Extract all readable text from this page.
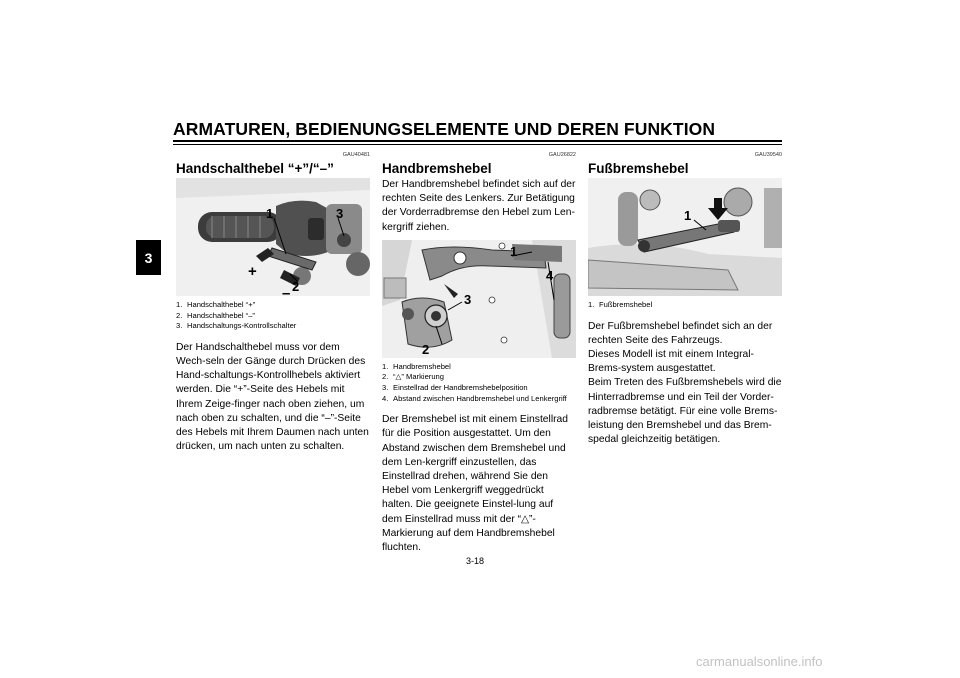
ARMATUREN, BEDIENUNGSELEMENTE UND DEREN FUNKTION
3
GAU40481
Handschalthebel “+”/“–”
1	3
+
– 2
1. Handschalthebel “+”
2. Handschalthebel “–”
3. Handschaltungs-Kontrollschalter

Der Handschalthebel muss vor dem Wech-seln der Gänge durch Drücken des Hand-schaltungs-Kontrollhebels aktiviert werden. Die “+”-Seite des Hebels mit Ihrem Zeige-finger nach oben ziehen, um nach oben zu schalten, und die “–”-Seite des Hebels mit Ihrem Daumen nach unten drücken, um nach unten zu schalten.

GAU26822
Handbremshebel

Der Handbremshebel befindet sich auf der rechten Seite des Lenkers. Zur Betätigung der Vorderradbremse den Hebel zum Len-kergriff ziehen.

1
4
3
2
1. Handbremshebel
2. “△” Markierung
3. Einstellrad der Handbremshebelposition
4. Abstand zwischen Handbremshebel und Lenkergriff

Der Bremshebel ist mit einem Einstellrad für die Position ausgestattet. Um den Abstand zwischen dem Bremshebel und dem Len-kergriff einzustellen, das Einstellrad drehen, während Sie den Hebel vom Lenkergriff weggedrückt halten. Die geeignete Einstel-lung auf dem Einstellrad muss mit der “△”-Markierung auf dem Handbremshebel fluchten.

GAU39540
Fußbremshebel
1
1. Fußbremshebel

Der Fußbremshebel befindet sich an der rechten Seite des Fahrzeugs.

Dieses Modell ist mit einem Integral-Brems-system ausgestattet.

Beim Treten des Fußbremshebels wird die Hinterradbremse und ein Teil der Vorder-radbremse betätigt. Für eine volle Brems-leistung den Bremshebel und das Brem-spedal gleichzeitig betätigen.

3-18
carmanualsonline.info
